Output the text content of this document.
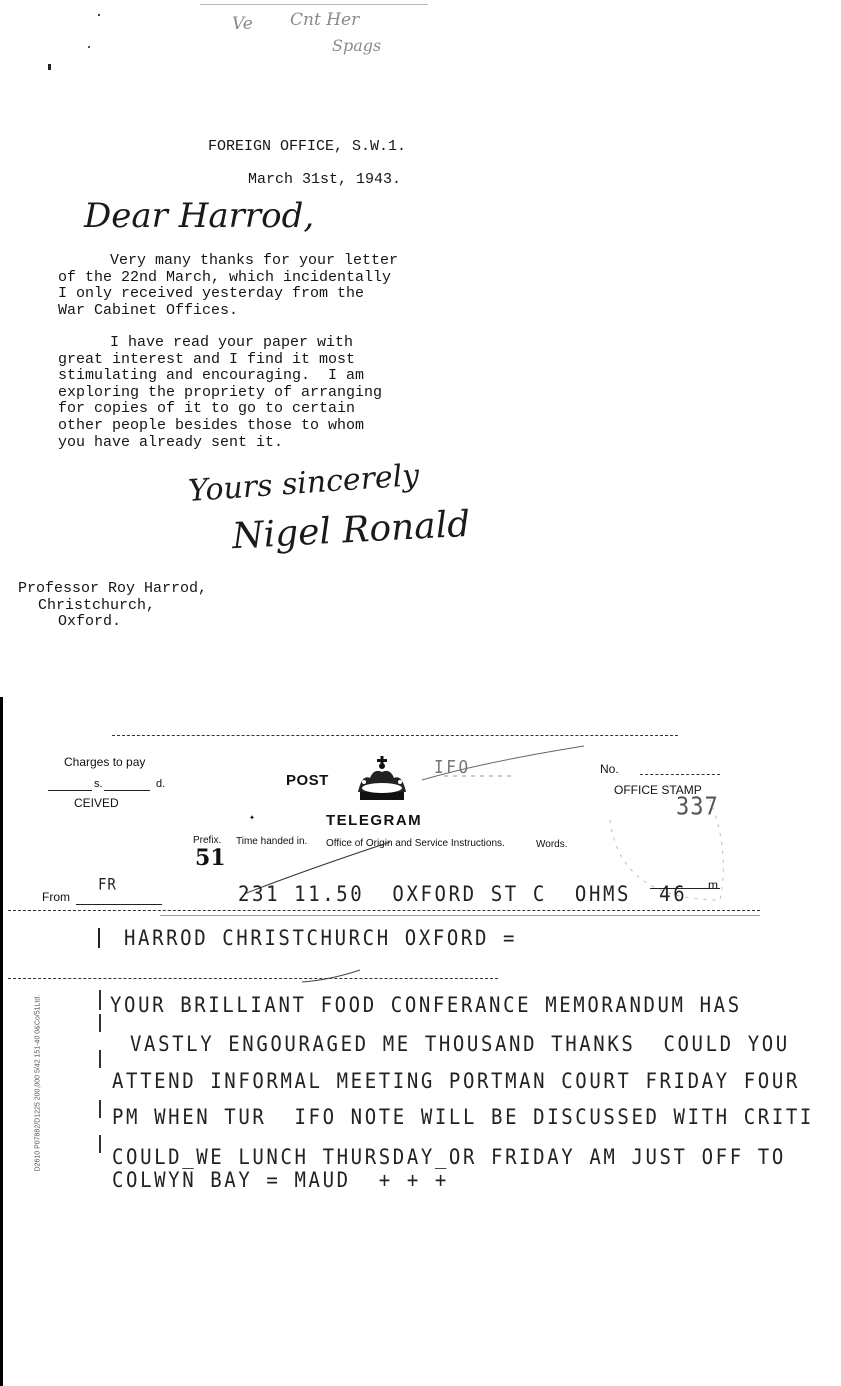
Ve Cnt Her
Spags
FOREIGN OFFICE, S.W.1.
March 31st, 1943.
Dear Harrod,

Very many thanks for your letter

of the 22nd March, which incidentally

I only received yesterday from the

War Cabinet Offices.

I have read your paper with

great interest and I find it most

stimulating and encouraging.  I am

exploring the propriety of arranging

for copies of it to go to certain

other people besides those to whom

you have already sent it.

Yours sincerely
Nigel Ronald

Professor Roy Harrod,

Christchurch,

Oxford.

Charges to pay
s.	d.
CEIVED
POST
IFO	No.
OFFICE STAMP
337
✦	TELEGRAM
Prefix. Time handed in. Office of Origin and Service Instructions.	Words.
51
From
FR	231 11.50  OXFORD ST C  OHMS  46 m
HARROD CHRISTCHURCH OXFORD =
YOUR BRILLIANT FOOD CONFERANCE MEMORANDUM HAS
VASTLY ENGOURAGED ME THOUSAND THANKS  COULD YOU
ATTEND INFORMAL MEETING PORTMAN COURT FRIDAY FOUR
PM WHEN TUR  IFO NOTE WILL BE DISCUSSED WITH CRITI
COULD_WE LUNCH THURSDAY_OR FRIDAY AM JUST OFF TO
COLWYN BAY = MAUD  + + +
D2610 P07882/D1225 200,000 5/42 151-40 0&Co/51Ltd.
